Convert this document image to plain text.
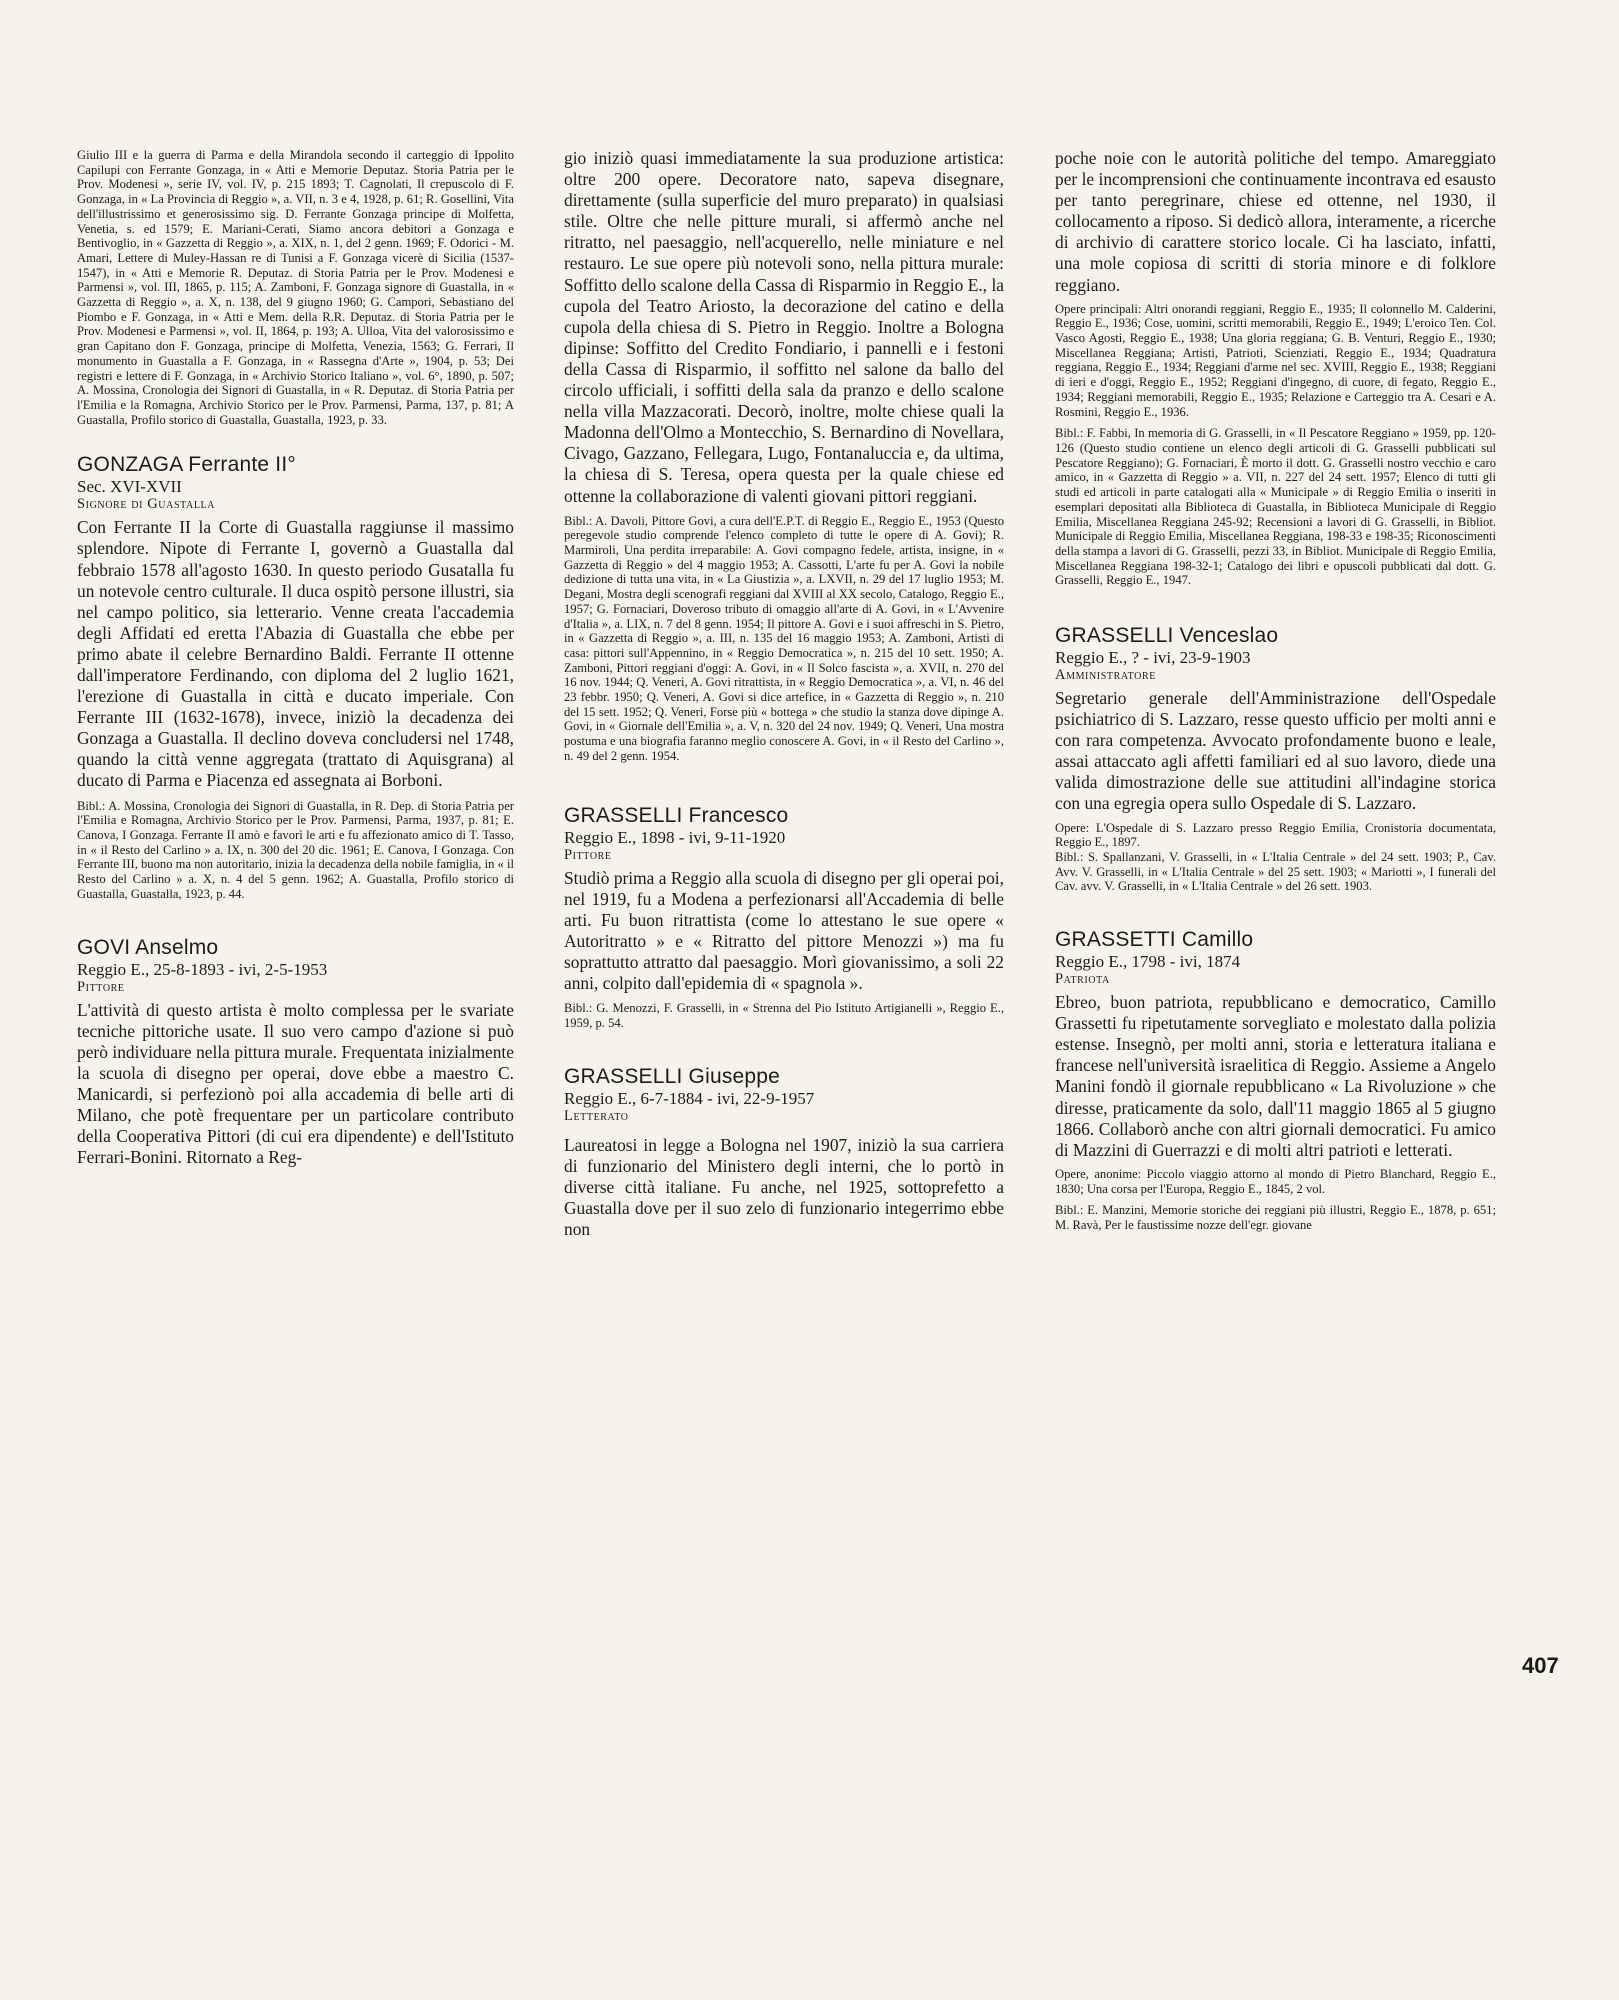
Giulio III e la guerra di Parma e della Mirandola secondo il carteggio di Ippolito Capilupi con Ferrante Gonzaga, in « Atti e Memorie Deputaz. Storia Patria per le Prov. Modenesi », serie IV, vol. IV, p. 215 1893; T. Cagnolati, Il crepuscolo di F. Gonzaga, in « La Provincia di Reggio », a. VII, n. 3 e 4, 1928, p. 61; R. Gosellini, Vita dell'illustrissimo et generosissimo sig. D. Ferrante Gonzaga principe di Molfetta, Venetia, s. ed 1579; E. Mariani-Cerati, Siamo ancora debitori a Gonzaga e Bentivoglio, in « Gazzetta di Reggio », a. XIX, n. 1, del 2 genn. 1969; F. Odorici - M. Amari, Lettere di Muley-Hassan re di Tunisi a F. Gonzaga vicerè di Sicilia (1537-1547), in « Atti e Memorie R. Deputaz. di Storia Patria per le Prov. Modenesi e Parmensi », vol. III, 1865, p. 115; A. Zamboni, F. Gonzaga signore di Guastalla, in « Gazzetta di Reggio », a. X, n. 138, del 9 giugno 1960; G. Campori, Sebastiano del Piombo e F. Gonzaga, in « Atti e Mem. della R.R. Deputaz. di Storia Patria per le Prov. Modenesi e Parmensi », vol. II, 1864, p. 193; A. Ulloa, Vita del valorosissimo e gran Capitano don F. Gonzaga, principe di Molfetta, Venezia, 1563; G. Ferrari, Il monumento in Guastalla a F. Gonzaga, in « Rassegna d'Arte », 1904, p. 53; Dei registri e lettere di F. Gonzaga, in « Archivio Storico Italiano », vol. 6°, 1890, p. 507; A. Mossina, Cronologia dei Signori di Guastalla, in « R. Deputaz. di Storia Patria per l'Emilia e la Romagna, Archivio Storico per le Prov. Parmensi, Parma, 137, p. 81; A Guastalla, Profilo storico di Guastalla, Guastalla, 1923, p. 33.

GONZAGA Ferrante II°

Sec. XVI-XVII

Signore di Guastalla

Con Ferrante II la Corte di Guastalla raggiunse il massimo splendore. Nipote di Ferrante I, governò a Guastalla dal febbraio 1578 all'agosto 1630. In questo periodo Gusatalla fu un notevole centro culturale. Il duca ospitò persone illustri, sia nel campo politico, sia letterario. Venne creata l'accademia degli Affidati ed eretta l'Abazia di Guastalla che ebbe per primo abate il celebre Bernardino Baldi. Ferrante II ottenne dall'imperatore Ferdinando, con diploma del 2 luglio 1621, l'erezione di Guastalla in città e ducato imperiale. Con Ferrante III (1632-1678), invece, iniziò la decadenza dei Gonzaga a Guastalla. Il declino doveva concludersi nel 1748, quando la città venne aggregata (trattato di Aquisgrana) al ducato di Parma e Piacenza ed assegnata ai Borboni.

Bibl.: A. Mossina, Cronologia dei Signori di Guastalla, in R. Dep. di Storia Patria per l'Emilia e Romagna, Archivio Storico per le Prov. Parmensi, Parma, 1937, p. 81; E. Canova, I Gonzaga. Ferrante II amò e favorì le arti e fu affezionato amico di T. Tasso, in « il Resto del Carlino » a. IX, n. 300 del 20 dic. 1961; E. Canova, I Gonzaga. Con Ferrante III, buono ma non autoritario, inizia la decadenza della nobile famiglia, in « il Resto del Carlino » a. X, n. 4 del 5 genn. 1962; A. Guastalla, Profilo storico di Guastalla, Guastalla, 1923, p. 44.

GOVI Anselmo

Reggio E., 25-8-1893 - ivi, 2-5-1953

Pittore

L'attività di questo artista è molto complessa per le svariate tecniche pittoriche usate. Il suo vero campo d'azione si può però individuare nella pittura murale. Frequentata inizialmente la scuola di disegno per operai, dove ebbe a maestro C. Manicardi, si perfezionò poi alla accademia di belle arti di Milano, che potè frequentare per un particolare contributo della Cooperativa Pittori (di cui era dipendente) e dell'Istituto Ferrari-Bonini. Ritornato a Reg-

gio iniziò quasi immediatamente la sua produzione artistica: oltre 200 opere. Decoratore nato, sapeva disegnare, direttamente (sulla superficie del muro preparato) in qualsiasi stile. Oltre che nelle pitture murali, si affermò anche nel ritratto, nel paesaggio, nell'acquerello, nelle miniature e nel restauro. Le sue opere più notevoli sono, nella pittura murale: Soffitto dello scalone della Cassa di Risparmio in Reggio E., la cupola del Teatro Ariosto, la decorazione del catino e della cupola della chiesa di S. Pietro in Reggio. Inoltre a Bologna dipinse: Soffitto del Credito Fondiario, i pannelli e i festoni della Cassa di Risparmio, il soffitto nel salone da ballo del circolo ufficiali, i soffitti della sala da pranzo e dello scalone nella villa Mazzacorati. Decorò, inoltre, molte chiese quali la Madonna dell'Olmo a Montecchio, S. Bernardino di Novellara, Civago, Gazzano, Fellegara, Lugo, Fontanaluccia e, da ultima, la chiesa di S. Teresa, opera questa per la quale chiese ed ottenne la collaborazione di valenti giovani pittori reggiani.

Bibl.: A. Davoli, Pittore Govi, a cura dell'E.P.T. di Reggio E., Reggio E., 1953 (Questo peregevole studio comprende l'elenco completo di tutte le opere di A. Govi); R. Marmiroli, Una perdita irreparabile: A. Govi compagno fedele, artista, insigne, in « Gazzetta di Reggio » del 4 maggio 1953; A. Cassotti, L'arte fu per A. Govi la nobile dedizione di tutta una vita, in « La Giustizia », a. LXVII, n. 29 del 17 luglio 1953; M. Degani, Mostra degli scenografi reggiani dal XVIII al XX secolo, Catalogo, Reggio E., 1957; G. Fornaciari, Doveroso tributo di omaggio all'arte di A. Govi, in « L'Avvenire d'Italia », a. LIX, n. 7 del 8 genn. 1954; Il pittore A. Govi e i suoi affreschi in S. Pietro, in « Gazzetta di Reggio », a. III, n. 135 del 16 maggio 1953; A. Zamboni, Artisti di casa: pittori sull'Appennino, in « Reggio Democratica », n. 215 del 10 sett. 1950; A. Zamboni, Pittori reggiani d'oggi: A. Govi, in « Il Solco fascista », a. XVII, n. 270 del 16 nov. 1944; Q. Veneri, A. Govi ritrattista, in « Reggio Democratica », a. VI, n. 46 del 23 febbr. 1950; Q. Veneri, A. Govi si dice artefice, in « Gazzetta di Reggio », n. 210 del 15 sett. 1952; Q. Veneri, Forse più « bottega » che studio la stanza dove dipinge A. Govi, in « Giornale dell'Emilia », a. V, n. 320 del 24 nov. 1949; Q. Veneri, Una mostra postuma e una biografia faranno meglio conoscere A. Govi, in « il Resto del Carlino », n. 49 del 2 genn. 1954.

GRASSELLI Francesco

Reggio E., 1898 - ivi, 9-11-1920

Pittore

Studiò prima a Reggio alla scuola di disegno per gli operai poi, nel 1919, fu a Modena a perfezionarsi all'Accademia di belle arti. Fu buon ritrattista (come lo attestano le sue opere « Autoritratto » e « Ritratto del pittore Menozzi ») ma fu soprattutto attratto dal paesaggio. Morì giovanissimo, a soli 22 anni, colpito dall'epidemia di « spagnola ».

Bibl.: G. Menozzi, F. Grasselli, in « Strenna del Pio Istituto Artigianelli », Reggio E., 1959, p. 54.

GRASSELLI Giuseppe

Reggio E., 6-7-1884 - ivi, 22-9-1957

Letterato

Laureatosi in legge a Bologna nel 1907, iniziò la sua carriera di funzionario del Ministero degli interni, che lo portò in diverse città italiane. Fu anche, nel 1925, sottoprefetto a Guastalla dove per il suo zelo di funzionario integerrimo ebbe non

poche noie con le autorità politiche del tempo. Amareggiato per le incomprensioni che continuamente incontrava ed esausto per tanto peregrinare, chiese ed ottenne, nel 1930, il collocamento a riposo. Si dedicò allora, interamente, a ricerche di archivio di carattere storico locale. Ci ha lasciato, infatti, una mole copiosa di scritti di storia minore e di folklore reggiano.

Opere principali: Altri onorandi reggiani, Reggio E., 1935; Il colonnello M. Calderini, Reggio E., 1936; Cose, uomini, scritti memorabili, Reggio E., 1949; L'eroico Ten. Col. Vasco Agosti, Reggio E., 1938; Una gloria reggiana; G. B. Venturi, Reggio E., 1930; Miscellanea Reggiana; Artisti, Patrioti, Scienziati, Reggio E., 1934; Quadratura reggiana, Reggio E., 1934; Reggiani d'arme nel sec. XVIII, Reggio E., 1938; Reggiani di ieri e d'oggi, Reggio E., 1952; Reggiani d'ingegno, di cuore, di fegato, Reggio E., 1934; Reggiani memorabili, Reggio E., 1935; Relazione e Carteggio tra A. Cesari e A. Rosmini, Reggio E., 1936.

Bibl.: F. Fabbi, In memoria di G. Grasselli, in « Il Pescatore Reggiano » 1959, pp. 120-126 (Questo studio contiene un elenco degli articoli di G. Grasselli pubblicati sul Pescatore Reggiano); G. Fornaciari, È morto il dott. G. Grasselli nostro vecchio e caro amico, in « Gazzetta di Reggio » a. VII, n. 227 del 24 sett. 1957; Elenco di tutti gli studi ed articoli in parte catalogati alla « Municipale » di Reggio Emilia o inseriti in esemplari depositati alla Biblioteca di Guastalla, in Biblioteca Municipale di Reggio Emilia, Miscellanea Reggiana 245-92; Recensioni a lavori di G. Grasselli, in Bibliot. Municipale di Reggio Emilia, Miscellanea Reggiana, 198-33 e 198-35; Riconoscimenti della stampa a lavori di G. Grasselli, pezzi 33, in Bibliot. Municipale di Reggio Emilia, Miscellanea Reggiana 198-32-1; Catalogo dei libri e opuscoli pubblicati dal dott. G. Grasselli, Reggio E., 1947.

GRASSELLI Venceslao

Reggio E., ? - ivi, 23-9-1903

Amministratore

Segretario generale dell'Amministrazione dell'Ospedale psichiatrico di S. Lazzaro, resse questo ufficio per molti anni e con rara competenza. Avvocato profondamente buono e leale, assai attaccato agli affetti familiari ed al suo lavoro, diede una valida dimostrazione delle sue attitudini all'indagine storica con una egregia opera sullo Ospedale di S. Lazzaro.

Opere: L'Ospedale di S. Lazzaro presso Reggio Emilia, Cronistoria documentata, Reggio E., 1897.

Bibl.: S. Spallanzani, V. Grasselli, in « L'Italia Centrale » del 24 sett. 1903; P., Cav. Avv. V. Grasselli, in « L'Italia Centrale » del 25 sett. 1903; « Mariotti », I funerali del Cav. avv. V. Grasselli, in « L'Italia Centrale » del 26 sett. 1903.

GRASSETTI Camillo

Reggio E., 1798 - ivi, 1874

Patriota

Ebreo, buon patriota, repubblicano e democratico, Camillo Grassetti fu ripetutamente sorvegliato e molestato dalla polizia estense. Insegnò, per molti anni, storia e letteratura italiana e francese nell'università israelitica di Reggio. Assieme a Angelo Manini fondò il giornale repubblicano « La Rivoluzione » che diresse, praticamente da solo, dall'11 maggio 1865 al 5 giugno 1866. Collaborò anche con altri giornali democratici. Fu amico di Mazzini di Guerrazzi e di molti altri patrioti e letterati.

Opere, anonime: Piccolo viaggio attorno al mondo di Pietro Blanchard, Reggio E., 1830; Una corsa per l'Europa, Reggio E., 1845, 2 vol.

Bibl.: E. Manzini, Memorie storiche dei reggiani più illustri, Reggio E., 1878, p. 651; M. Ravà, Per le faustissime nozze dell'egr. giovane

407
